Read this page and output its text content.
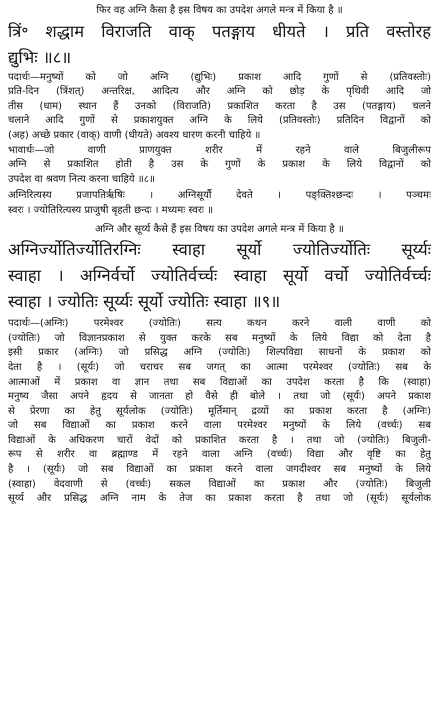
फिर वह अग्नि कैसा है इस विषय का उपदेश अगले मन्त्र में किया है ॥
त्रिं॰ शद्धाम विराजति वाक् पतङ्गाय धीयते । प्रति वस्तोरह
द्युभिः ॥८॥
पदार्थः—मनुष्यों को जो अग्नि (द्युभिः) प्रकाश आदि गुणों से (प्रतिवस्तोः)
प्रति-दिन (त्रिंशत्) अन्तरिक्ष, आदित्य और अग्नि को छोड़ के पृथिवी आदि जो
तीस (धाम) स्थान हैं उनको (विराजति) प्रकाशित करता है उस (पतङ्गाय) चलने
चलाने आदि गुणों से प्रकाशयुक्त अग्नि के लिये (प्रतिवस्तोः) प्रतिदिन विद्वानों को
(अह) अच्छे प्रकार (वाक्) वाणी (धीयते) अवश्य धारण करनी चाहिये ॥
भावार्थः—जो वाणी प्राणयुक्त शरीर में रहने वाले बिजुलीरूप
अग्नि से प्रकाशित होती है उस के गुणों के प्रकाश के लिये विद्वानों को
उपदेश वा श्रवण नित्य करना चाहिये ॥८॥
अग्निरित्यस्य प्रजापतिर्ऋषिः । अग्निसूर्यौ देवते । पङ्क्तिश्छन्दः । पञ्चमः
स्वरः । ज्योतिरित्यस्य प्राजुषी बृहती छन्दः । मध्यमः स्वरः ॥
अग्नि और सूर्य्य कैसे हैं इस विषय का उपदेश अगले मन्त्र में किया है ॥
अग्निर्ज्योतिर्ज्योतिरग्निः स्वाहा सूर्यो ज्योतिर्ज्योतिः सूर्य्यः
स्वाहा । अग्निर्वर्चो ज्योतिर्वर्च्चः स्वाहा सूर्यो वर्चो ज्योतिर्वर्च्चः
स्वाहा । ज्योतिः सूर्य्यः सूर्यो ज्योतिः स्वाहा ॥९॥
पदार्थः—(अग्निः) परमेश्वर (ज्योतिः) सत्य कथन करने वाली वाणी को
(ज्योतिः) जो विज्ञानप्रकाश से युक्त करके सब मनुष्यों के लिये विद्या को देता है
इसी प्रकार (अग्निः) जो प्रसिद्ध अग्नि (ज्योतिः) शिल्पविद्या साधनों के प्रकाश को
देता है । (सूर्यः) जो चराचर सब जगत् का आत्मा परमेश्वर (ज्योतिः) सब के
आत्माओं में प्रकाश वा ज्ञान तथा सब विद्याओं का उपदेश करता है कि (स्वाहा)
मनुष्य जैसा अपने हृदय से जानता हो वैसे ही बोले । तथा जो (सूर्यः) अपने प्रकाश
से प्रेरणा का हेतु सूर्यलोक (ज्योतिः) मूर्तिमान् द्रव्यों का प्रकाश करता है (अग्निः)
जो सब विद्याओं का प्रकाश करने वाला परमेश्वर मनुष्यों के लिये (वर्च्चः) सब
विद्याओं के अधिकरण चारों वेदों को प्रकाशित करता है । तथा जो (ज्योतिः) बिजुली-
रूप से शरीर वा ब्रह्माण्ड में रहने वाला अग्नि (वर्च्चः) विद्या और वृष्टि का हेतु
है । (सूर्यः) जो सब विद्याओं का प्रकाश करने वाला जगदीश्वर सब मनुष्यों के लिये
(स्वाहा) वेदवाणी से (वर्च्चः) सकल विद्याओं का प्रकाश और (ज्योतिः) बिजुली
सूर्य्य और प्रसिद्ध अग्नि नाम के तेज का प्रकाश करता है तथा जो (सूर्यः) सूर्यलोक
